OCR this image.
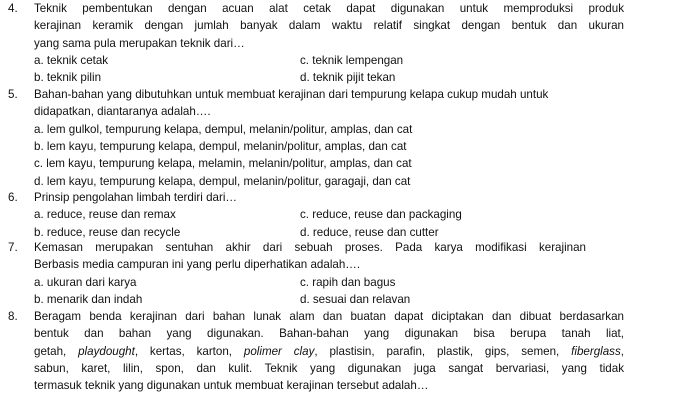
4.	Teknik pembentukan dengan acuan alat cetak dapat digunakan untuk memproduksi produk
kerajinan keramik dengan jumlah banyak dalam waktu relatif singkat dengan bentuk dan ukuran
yang sama pula merupakan teknik dari…
a. teknik cetak	c. teknik lempengan
b. teknik pilin	d. teknik pijit tekan
5.	Bahan-bahan yang dibutuhkan untuk membuat kerajinan dari tempurung kelapa cukup mudah untuk
didapatkan, diantaranya adalah….
a. lem gulkol, tempurung kelapa, dempul, melanin/politur, amplas, dan cat
b. lem kayu, tempurung kelapa, dempul, melanin/politur, amplas, dan cat
c. lem kayu, tempurung kelapa, melamin, melanin/politur, amplas, dan cat
d. lem kayu, tempurung kelapa, dempul, melanin/politur, garagaji, dan cat
6.	Prinsip pengolahan limbah terdiri dari…
a. reduce, reuse dan remax	c. reduce, reuse dan packaging
b. reduce, reuse dan recycle	d. reduce, reuse dan cutter
7.	Kemasan merupakan sentuhan akhir dari sebuah proses. Pada karya modifikasi kerajinan
Berbasis media campuran ini yang perlu diperhatikan adalah….
a. ukuran dari karya	c. rapih dan bagus
b. menarik dan indah	d. sesuai dan relavan
8.	Beragam benda kerajinan dari bahan lunak alam dan buatan dapat diciptakan dan dibuat berdasarkan
bentuk dan bahan yang digunakan. Bahan-bahan yang digunakan bisa berupa tanah liat,
getah, playdought, kertas, karton, polimer clay, plastisin, parafin, plastik, gips, semen, fiberglass,
sabun, karet, lilin, spon, dan kulit. Teknik yang digunakan juga sangat bervariasi, yang tidak
termasuk teknik yang digunakan untuk membuat kerajinan tersebut adalah…
